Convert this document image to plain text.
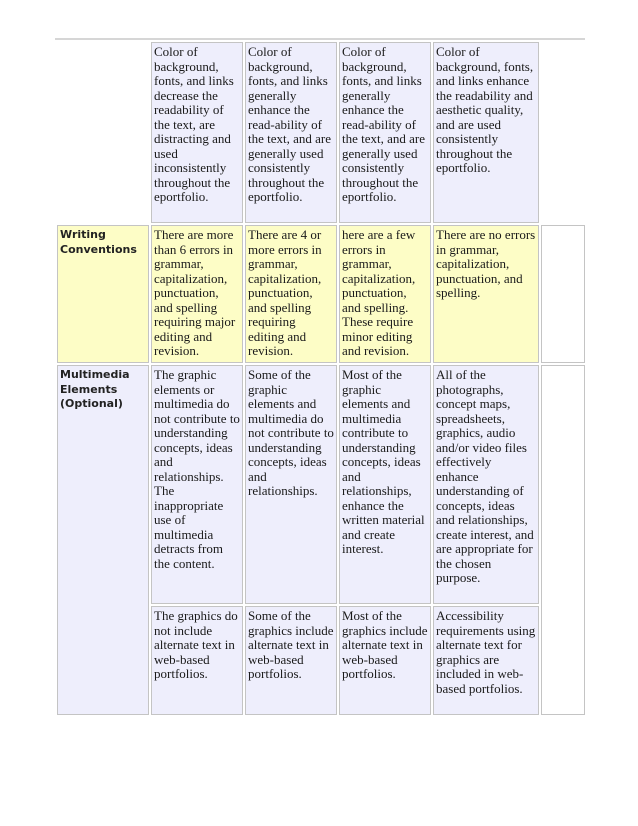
	Color of background, fonts, and links decrease the readability of the text, are distracting and used inconsistently throughout the eportfolio.	Color of background, fonts, and links generally enhance the read-ability of the text, and are generally used consistently throughout the eportfolio.	Color of background, fonts, and links generally enhance the read-ability of the text, and are generally used consistently throughout the eportfolio.	Color of background, fonts, and links enhance the readability and aesthetic quality, and are used consistently throughout the eportfolio.	
Writing Conventions	There are more than 6 errors in grammar, capitalization, punctuation, and spelling requiring major editing and revision.	There are 4 or more errors in grammar, capitalization, punctuation, and spelling requiring editing and revision.	here are a few errors in grammar, capitalization, punctuation, and spelling. These require minor editing and revision.	There are no errors in grammar, capitalization, punctuation, and spelling.	
Multimedia Elements (Optional)	The graphic elements or multimedia do not contribute to understanding concepts, ideas and relationships. The inappropriate use of multimedia detracts from the content.	Some of the graphic elements and multimedia do not contribute to understanding concepts, ideas and relationships.	Most of the graphic elements and multimedia contribute to understanding concepts, ideas and relationships, enhance the written material and create interest.	All of the photographs, concept maps, spreadsheets, graphics, audio and/or video files effectively enhance understanding of concepts, ideas and relationships, create interest, and are appropriate for the chosen purpose.	
	The graphics do not include alternate text in web-based portfolios.	Some of the graphics include alternate text in web-based portfolios.	Most of the graphics include alternate text in web-based portfolios.	Accessibility requirements using alternate text for graphics are included in web-based portfolios.	
